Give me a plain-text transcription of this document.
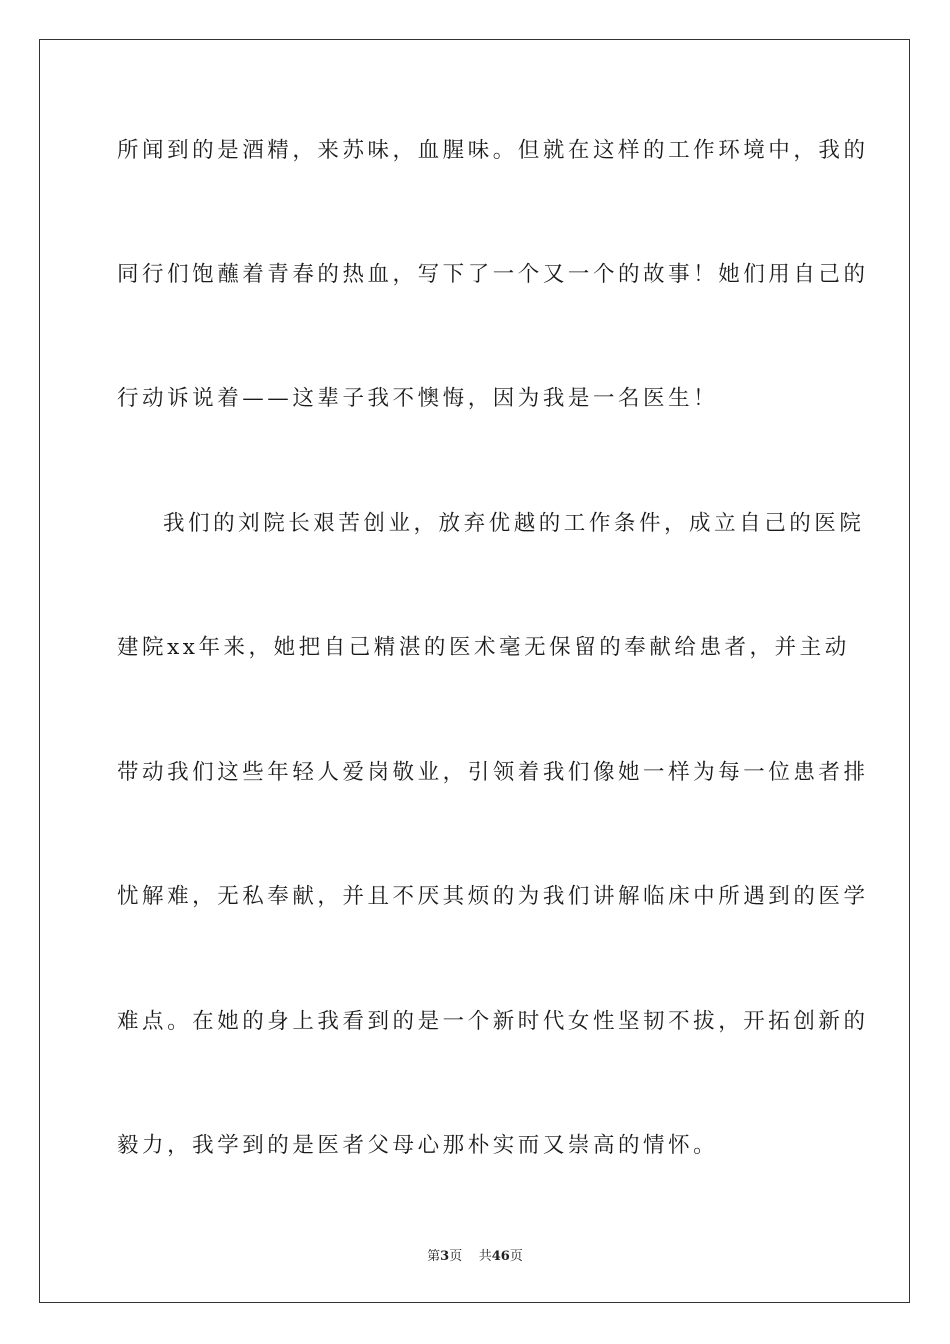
所闻到的是酒精，来苏味，血腥味。但就在这样的工作环境中，我的
同行们饱蘸着青春的热血，写下了一个又一个的故事！她们用自己的
行动诉说着——这辈子我不懊悔，因为我是一名医生！
我们的刘院长艰苦创业，放弃优越的工作条件，成立自己的医院
建院xx年来，她把自己精湛的医术毫无保留的奉献给患者，并主动
带动我们这些年轻人爱岗敬业，引领着我们像她一样为每一位患者排
忧解难，无私奉献，并且不厌其烦的为我们讲解临床中所遇到的医学
难点。在她的身上我看到的是一个新时代女性坚韧不拔，开拓创新的
毅力，我学到的是医者父母心那朴实而又崇高的情怀。
第3页 共46页
